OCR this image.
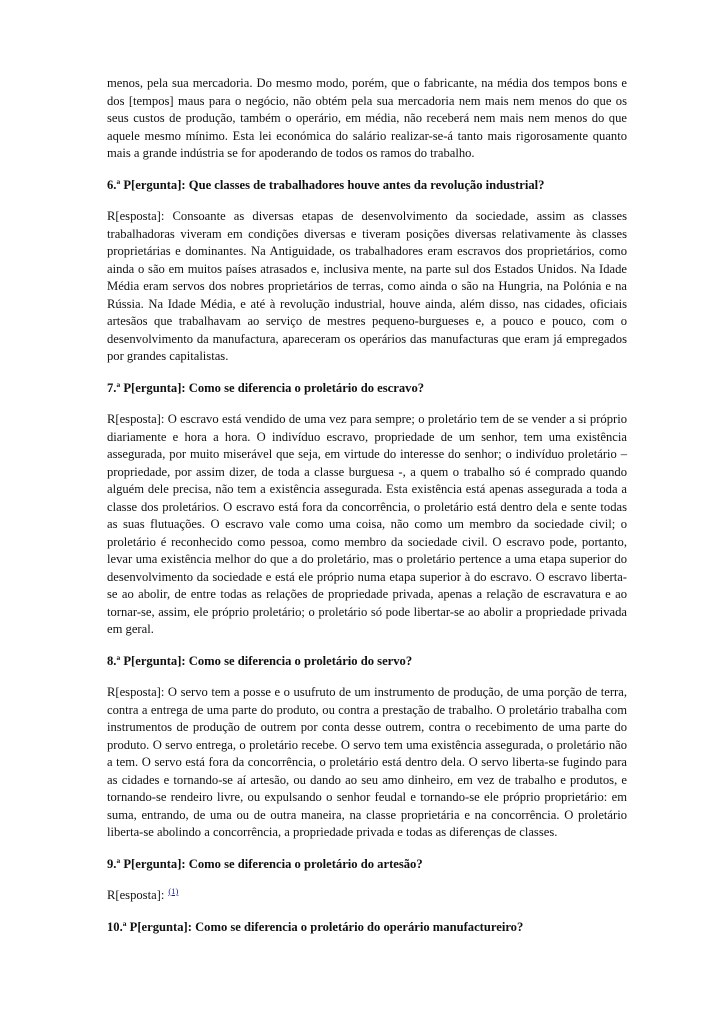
menos, pela sua mercadoria. Do mesmo modo, porém, que o fabricante, na média dos tempos bons e dos [tempos] maus para o negócio, não obtém pela sua mercadoria nem mais nem menos do que os seus custos de produção, também o operário, em média, não receberá nem mais nem menos do que aquele mesmo mínimo. Esta lei económica do salário realizar-se-á tanto mais rigorosamente quanto mais a grande indústria se for apoderando de todos os ramos do trabalho.

6.ª P[ergunta]: Que classes de trabalhadores houve antes da revolução industrial?

R[esposta]: Consoante as diversas etapas de desenvolvimento da sociedade, assim as classes trabalhadoras viveram em condições diversas e tiveram posições diversas relativamente às classes proprietárias e dominantes. Na Antiguidade, os trabalhadores eram escravos dos proprietários, como ainda o são em muitos países atrasados e, inclusiva mente, na parte sul dos Estados Unidos. Na Idade Média eram servos dos nobres proprietários de terras, como ainda o são na Hungria, na Polónia e na Rússia. Na Idade Média, e até à revolução industrial, houve ainda, além disso, nas cidades, oficiais artesãos que trabalhavam ao serviço de mestres pequeno-burgueses e, a pouco e pouco, com o desenvolvimento da manufactura, apareceram os operários das manufacturas que eram já empregados por grandes capitalistas.

7.ª P[ergunta]: Como se diferencia o proletário do escravo?

R[esposta]: O escravo está vendido de uma vez para sempre; o proletário tem de se vender a si próprio diariamente e hora a hora. O indivíduo escravo, propriedade de um senhor, tem uma existência assegurada, por muito miserável que seja, em virtude do interesse do senhor; o indivíduo proletário – propriedade, por assim dizer, de toda a classe burguesa -, a quem o trabalho só é comprado quando alguém dele precisa, não tem a existência assegurada. Esta existência está apenas assegurada a toda a classe dos proletários. O escravo está fora da concorrência, o proletário está dentro dela e sente todas as suas flutuações. O escravo vale como uma coisa, não como um membro da sociedade civil; o proletário é reconhecido como pessoa, como membro da sociedade civil. O escravo pode, portanto, levar uma existência melhor do que a do proletário, mas o proletário pertence a uma etapa superior do desenvolvimento da sociedade e está ele próprio numa etapa superior à do escravo. O escravo liberta-se ao abolir, de entre todas as relações de propriedade privada, apenas a relação de escravatura e ao tornar-se, assim, ele próprio proletário; o proletário só pode libertar-se ao abolir a propriedade privada em geral.

8.ª P[ergunta]: Como se diferencia o proletário do servo?

R[esposta]: O servo tem a posse e o usufruto de um instrumento de produção, de uma porção de terra, contra a entrega de uma parte do produto, ou contra a prestação de trabalho. O proletário trabalha com instrumentos de produção de outrem por conta desse outrem, contra o recebimento de uma parte do produto. O servo entrega, o proletário recebe. O servo tem uma existência assegurada, o proletário não a tem. O servo está fora da concorrência, o proletário está dentro dela. O servo liberta-se fugindo para as cidades e tornando-se aí artesão, ou dando ao seu amo dinheiro, em vez de trabalho e produtos, e tornando-se rendeiro livre, ou expulsando o senhor feudal e tornando-se ele próprio proprietário: em suma, entrando, de uma ou de outra maneira, na classe proprietária e na concorrência. O proletário liberta-se abolindo a concorrência, a propriedade privada e todas as diferenças de classes.

9.ª P[ergunta]: Como se diferencia o proletário do artesão?

R[esposta]: $^{(1)}$

10.ª P[ergunta]: Como se diferencia o proletário do operário manufactureiro?
